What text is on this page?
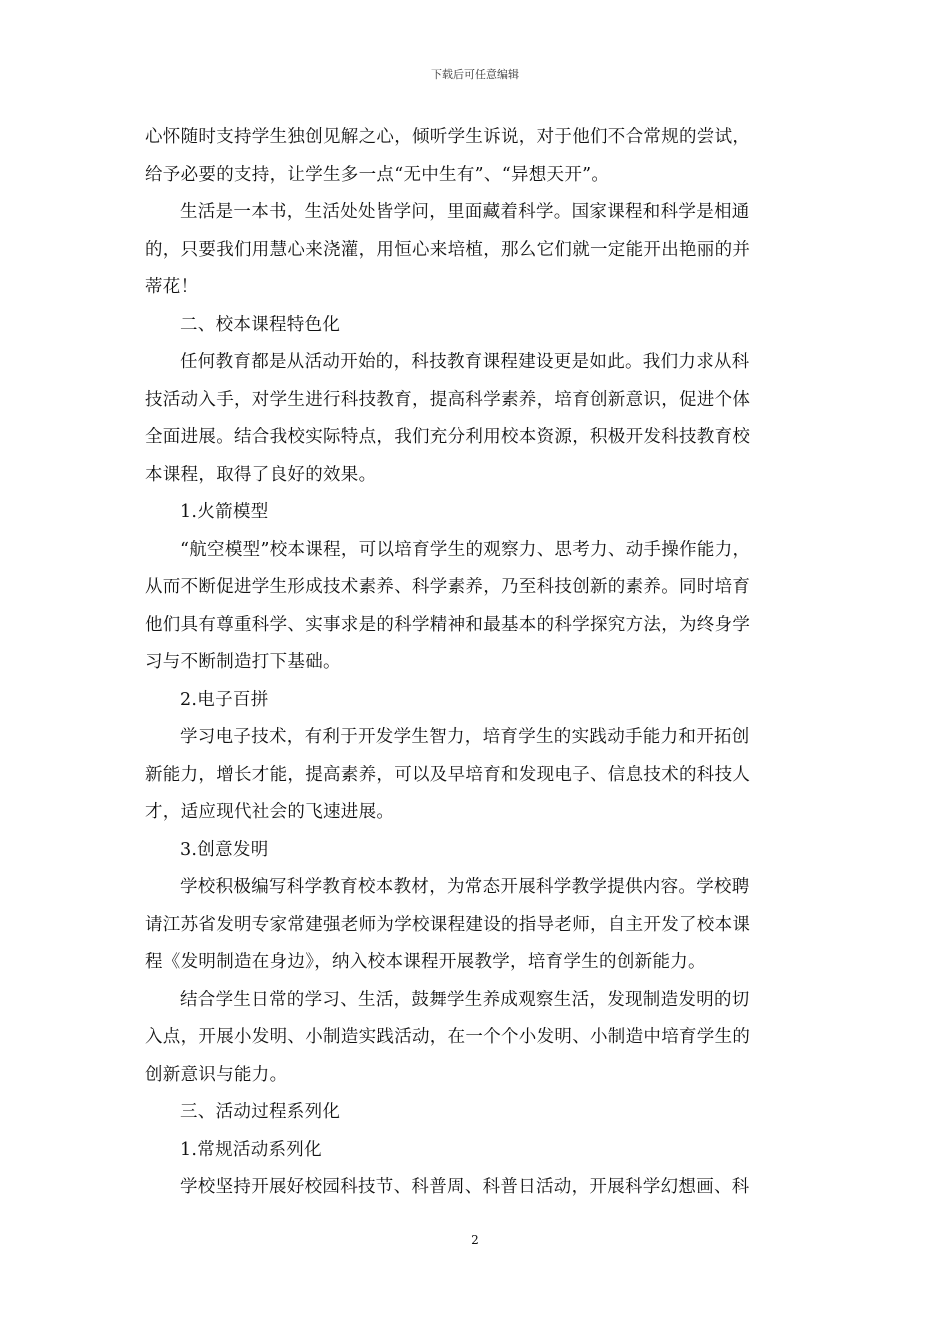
下载后可任意编辑
心怀随时支持学生独创见解之心，倾听学生诉说，对于他们不合常规的尝试，
给予必要的支持，让学生多一点“无中生有”、“异想天开”。
生活是一本书，生活处处皆学问，里面藏着科学。国家课程和科学是相通
的，只要我们用慧心来浇灌，用恒心来培植，那么它们就一定能开出艳丽的并
蒂花！
二、校本课程特色化
任何教育都是从活动开始的，科技教育课程建设更是如此。我们力求从科
技活动入手，对学生进行科技教育，提高科学素养，培育创新意识，促进个体
全面进展。结合我校实际特点，我们充分利用校本资源，积极开发科技教育校
本课程，取得了良好的效果。
1.火箭模型
“航空模型”校本课程，可以培育学生的观察力、思考力、动手操作能力，
从而不断促进学生形成技术素养、科学素养，乃至科技创新的素养。同时培育
他们具有尊重科学、实事求是的科学精神和最基本的科学探究方法，为终身学
习与不断制造打下基础。
2.电子百拼
学习电子技术，有利于开发学生智力，培育学生的实践动手能力和开拓创
新能力，增长才能，提高素养，可以及早培育和发现电子、信息技术的科技人
才，适应现代社会的飞速进展。
3.创意发明
学校积极编写科学教育校本教材，为常态开展科学教学提供内容。学校聘
请江苏省发明专家常建强老师为学校课程建设的指导老师，自主开发了校本课
程《发明制造在身边》，纳入校本课程开展教学，培育学生的创新能力。
结合学生日常的学习、生活，鼓舞学生养成观察生活，发现制造发明的切
入点，开展小发明、小制造实践活动，在一个个小发明、小制造中培育学生的
创新意识与能力。
三、活动过程系列化
1.常规活动系列化
学校坚持开展好校园科技节、科普周、科普日活动，开展科学幻想画、科
2
